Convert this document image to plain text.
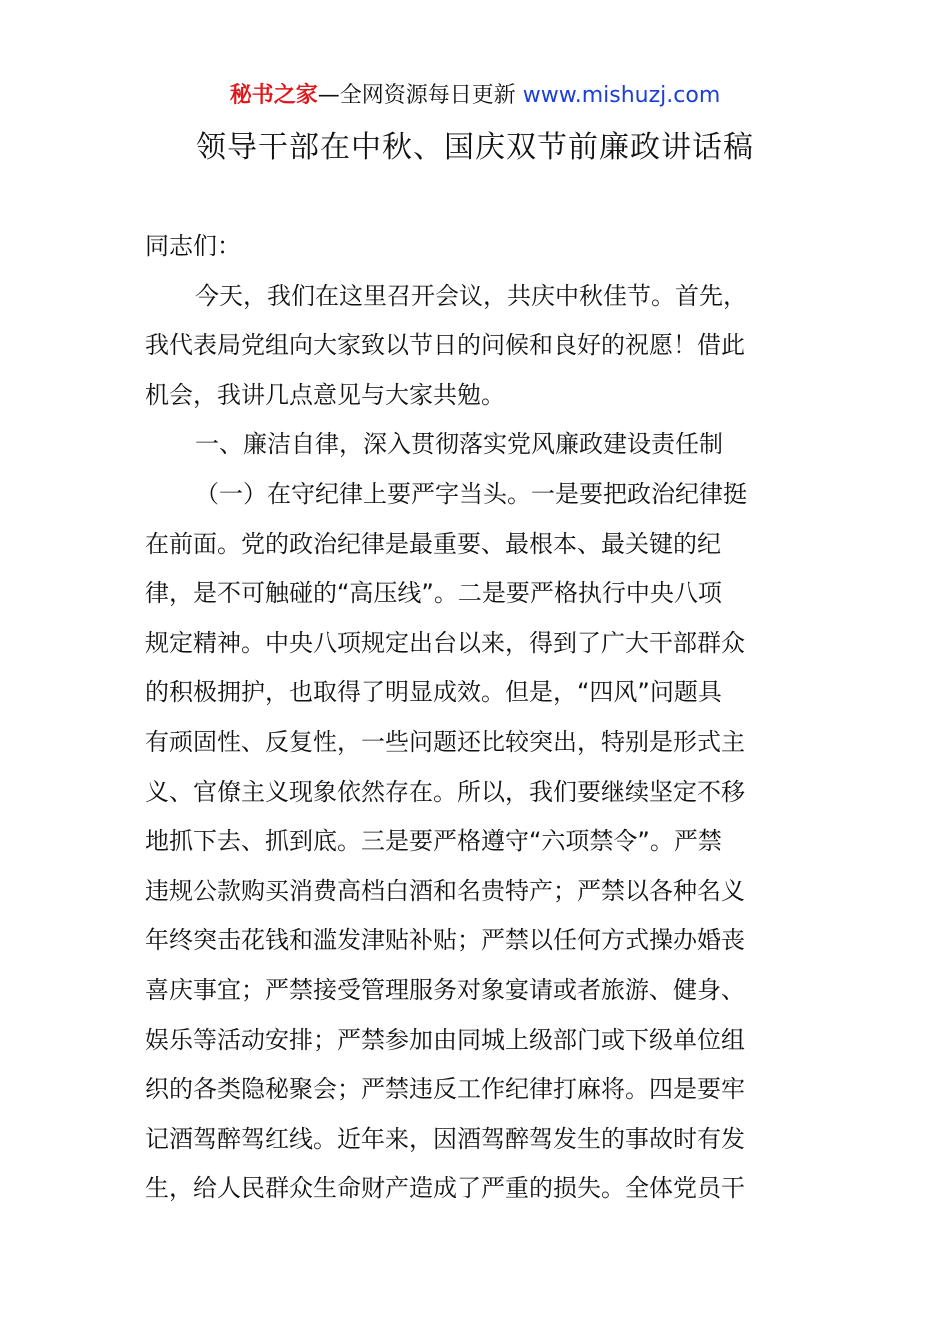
秘书之家—全网资源每日更新 www.mishuzj.com
领导干部在中秋、国庆双节前廉政讲话稿
同志们：
今天，我们在这里召开会议，共庆中秋佳节。首先，
我代表局党组向大家致以节日的问候和良好的祝愿！借此
机会，我讲几点意见与大家共勉。
一、廉洁自律，深入贯彻落实党风廉政建设责任制
（一）在守纪律上要严字当头。一是要把政治纪律挺
在前面。党的政治纪律是最重要、最根本、最关键的纪
律，是不可触碰的“高压线”。二是要严格执行中央八项
规定精神。中央八项规定出台以来，得到了广大干部群众
的积极拥护，也取得了明显成效。但是，“四风”问题具
有顽固性、反复性，一些问题还比较突出，特别是形式主
义、官僚主义现象依然存在。所以，我们要继续坚定不移
地抓下去、抓到底。三是要严格遵守“六项禁令”。严禁
违规公款购买消费高档白酒和名贵特产；严禁以各种名义
年终突击花钱和滥发津贴补贴；严禁以任何方式操办婚丧
喜庆事宜；严禁接受管理服务对象宴请或者旅游、健身、
娱乐等活动安排；严禁参加由同城上级部门或下级单位组
织的各类隐秘聚会；严禁违反工作纪律打麻将。四是要牢
记酒驾醉驾红线。近年来，因酒驾醉驾发生的事故时有发
生，给人民群众生命财产造成了严重的损失。全体党员干
